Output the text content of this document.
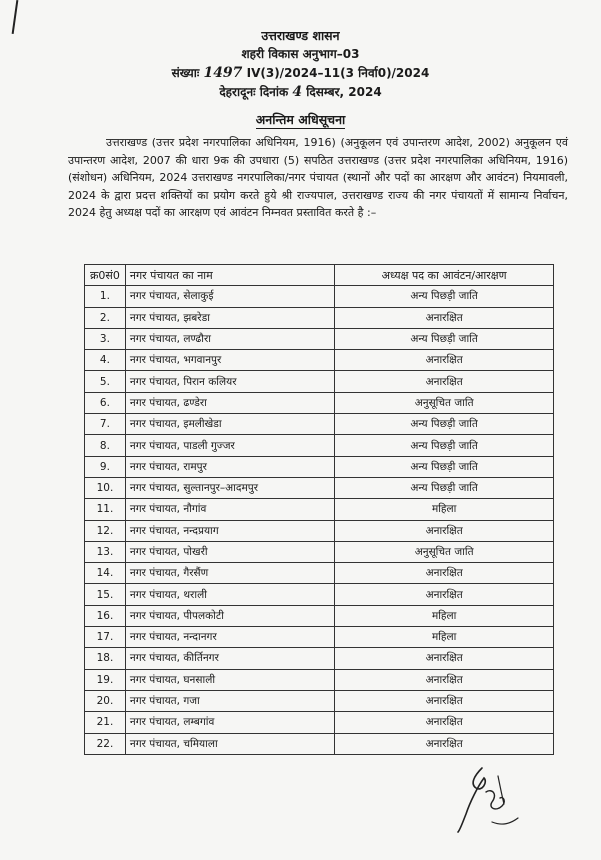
उत्तराखण्ड शासन
शहरी विकास अनुभाग–03
संख्याः 1497 IV(3)/2024–11(3 निर्वा0)/2024
देहरादूनः दिनांक 4 दिसम्बर, 2024
अनन्तिम अधिसूचना
उत्तराखण्ड (उत्तर प्रदेश नगरपालिका अधिनियम, 1916) (अनुकूलन एवं उपान्तरण आदेश, 2002) अनुकूलन एवं उपान्तरण आदेश, 2007 की धारा 9क की उपधारा (5) सपठित उत्तराखण्ड (उत्तर प्रदेश नगरपालिका अधिनियम, 1916) (संशोधन) अधिनियम, 2024 उत्तराखण्ड नगरपालिका/नगर पंचायत (स्थानों और पदों का आरक्षण और आवंटन) नियमावली, 2024 के द्वारा प्रदत्त शक्तियों का प्रयोग करते हुये श्री राज्यपाल, उत्तराखण्ड राज्य की नगर पंचायतों में सामान्य निर्वाचन, 2024 हेतु अध्यक्ष पदों का आरक्षण एवं आवंटन निम्नवत प्रस्तावित करते है :–
क्र0सं0	नगर पंचायत का नाम	अध्यक्ष पद का आवंटन/आरक्षण
1.	नगर पंचायत, सेलाकुई	अन्य पिछड़ी जाति
2.	नगर पंचायत, झबरेडा	अनारक्षित
3.	नगर पंचायत, लण्ढौरा	अन्य पिछड़ी जाति
4.	नगर पंचायत, भगवानपुर	अनारक्षित
5.	नगर पंचायत, पिरान कलियर	अनारक्षित
6.	नगर पंचायत, ढण्डेरा	अनुसूचित जाति
7.	नगर पंचायत, इमलीखेडा	अन्य पिछड़ी जाति
8.	नगर पंचायत, पाडली गुज्जर	अन्य पिछड़ी जाति
9.	नगर पंचायत, रामपुर	अन्य पिछड़ी जाति
10.	नगर पंचायत, सुल्तानपुर–आदमपुर	अन्य पिछड़ी जाति
11.	नगर पंचायत, नौगांव	महिला
12.	नगर पंचायत, नन्दप्रयाग	अनारक्षित
13.	नगर पंचायत, पोखरी	अनुसूचित जाति
14.	नगर पंचायत, गैरसैंण	अनारक्षित
15.	नगर पंचायत, थराली	अनारक्षित
16.	नगर पंचायत, पीपलकोटी	महिला
17.	नगर पंचायत, नन्दानगर	महिला
18.	नगर पंचायत, कीर्तिनगर	अनारक्षित
19.	नगर पंचायत, घनसाली	अनारक्षित
20.	नगर पंचायत, गजा	अनारक्षित
21.	नगर पंचायत, लम्बगांव	अनारक्षित
22.	नगर पंचायत, चमियाला	अनारक्षित
